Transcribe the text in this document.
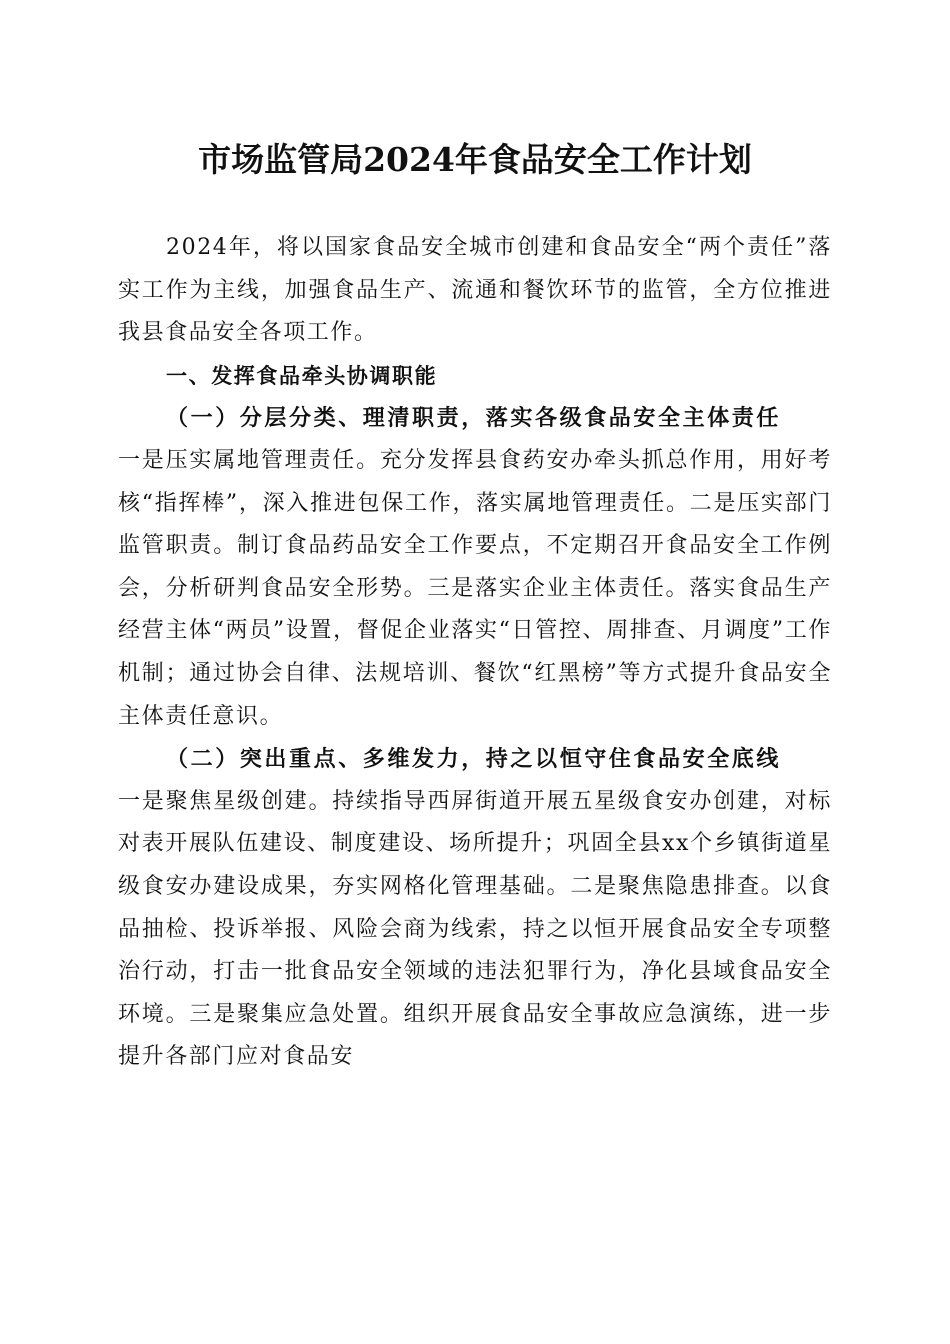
市场监管局2024年食品安全工作计划

2024年，将以国家食品安全城市创建和食品安全“两个责任”落实工作为主线，加强食品生产、流通和餐饮环节的监管，全方位推进我县食品安全各项工作。

一、发挥食品牵头协调职能

（一）分层分类、理清职责，落实各级食品安全主体责任

一是压实属地管理责任。充分发挥县食药安办牵头抓总作用，用好考核“指挥棒”，深入推进包保工作，落实属地管理责任。二是压实部门监管职责。制订食品药品安全工作要点，不定期召开食品安全工作例会，分析研判食品安全形势。三是落实企业主体责任。落实食品生产经营主体“两员”设置，督促企业落实“日管控、周排查、月调度”工作机制；通过协会自律、法规培训、餐饮“红黑榜”等方式提升食品安全主体责任意识。

（二）突出重点、多维发力，持之以恒守住食品安全底线

一是聚焦星级创建。持续指导西屏街道开展五星级食安办创建，对标对表开展队伍建设、制度建设、场所提升；巩固全县xx个乡镇街道星级食安办建设成果，夯实网格化管理基础。二是聚焦隐患排查。以食品抽检、投诉举报、风险会商为线索，持之以恒开展食品安全专项整治行动，打击一批食品安全领域的违法犯罪行为，净化县域食品安全环境。三是聚集应急处置。组织开展食品安全事故应急演练，进一步提升各部门应对食品安
